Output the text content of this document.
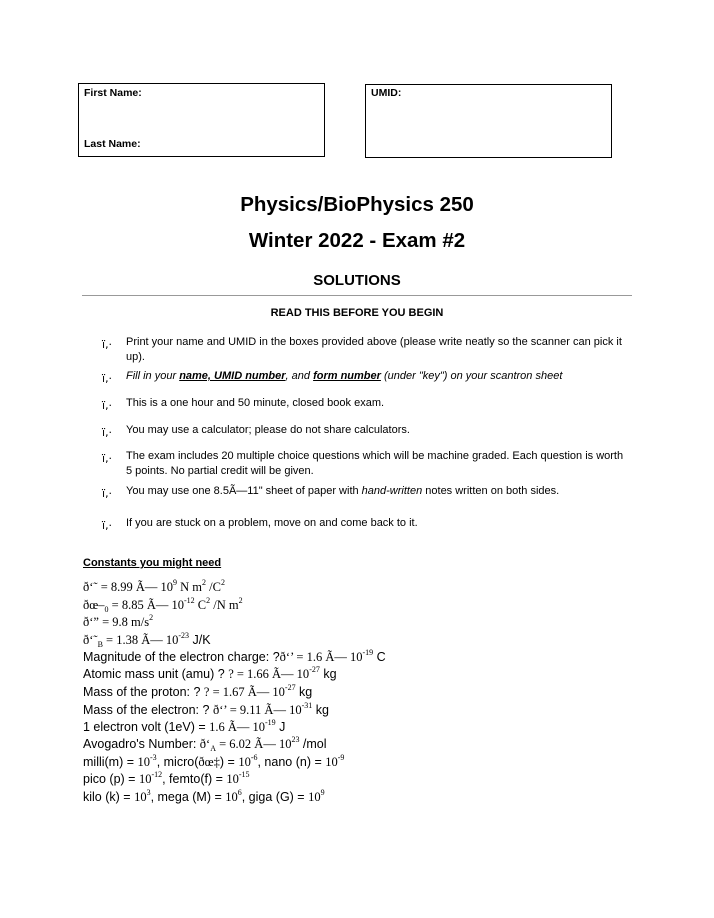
First Name:
Last Name:
UMID:
Physics/BioPhysics 250
Winter 2022 - Exam #2
SOLUTIONS
READ THIS BEFORE YOU BEGIN
ï‚· Print your name and UMID in the boxes provided above (please write neatly so the scanner can pick it up).
ï‚· Fill in your name, UMID number, and form number (under "key") on your scantron sheet
ï‚· This is a one hour and 50 minute, closed book exam.
ï‚· You may use a calculator; please do not share calculators.
ï‚· The exam includes 20 multiple choice questions which will be machine graded. Each question is worth 5 points. No partial credit will be given.
ï‚· You may use one 8.5Ã—11" sheet of paper with hand-written notes written on both sides.
ï‚· If you are stuck on a problem, move on and come back to it.
Constants you might need
ð‘˜ = 8.99 Ã— $10^9$ N $m^2$ $/C^2$
$ðœ-_0 = 8.85$ Ã— $10^{-12}$ $C^2$ /N $m^2$
ð‘” = 9.8 $m/s^2$
$ð‘˜_B = 1.38$ Ã— $10^{-23}$ J/K
Magnitude of the electron charge: ?ð‘’ = 1.6 Ã— $10^{-19}$ C
Atomic mass unit (amu) ? ? = 1.66 Ã— $10^{-27}$ kg
Mass of the proton: ? ? = 1.67 Ã— $10^{-27}$ kg
Mass of the electron: ? ð‘’ = 9.11 Ã— $10^{-31}$ kg
1 electron volt (1eV) = 1.6 Ã— $10^{-19}$ J
Avogadro's Number: $ð‘_A = 6.02$ Ã— $10^{23}$ /mol
milli(m) = $10^{-3}$, micro(ðœ‡) = $10^{-6}$, nano $(n) = 10^{-9}$
pico $(p) = 10^{-12}$, femto(f) = $10^{-15}$
kilo $(k) = 10^3$, mega $(M) = 10^6$, giga $(G) = 10^9$
